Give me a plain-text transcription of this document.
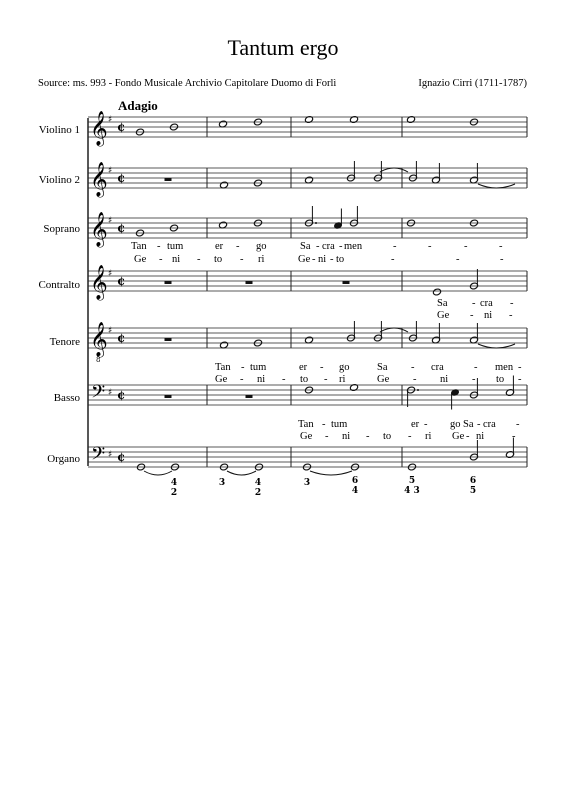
Tantum ergo
Source: ms. 993 - Fondo Musicale Archivio Capitolare Duomo di Forlì	Ignazio Cirri (1711-1787)
Adagio
Violino 1
Violino 2
Soprano
Contralto
Tenore
Basso
Organo
𝄞 ♯ ¢
𝄞 ♯ ¢
𝄞 ♯ ¢
𝄞 ♯ ¢
𝄞
8
♯ ¢
𝄢 ♯ ¢
𝄢 ♯ ¢
Tan - tum	er - go	Sa - cra - men	-	-	-	-
Ge - ni - to - ri	Ge - ni - to	-	-	-
Sa - cra -
Ge - ni -
Tan - tum	er - go	Sa - cra	- men -
Ge - ni - to - ri	Ge - ni - to -
Tan - tum	er - go Sa - cra -
Ge - ni - to - ri Ge - ni	-
4
2
3	4
2
3	6
4
5
4 3
6
5
